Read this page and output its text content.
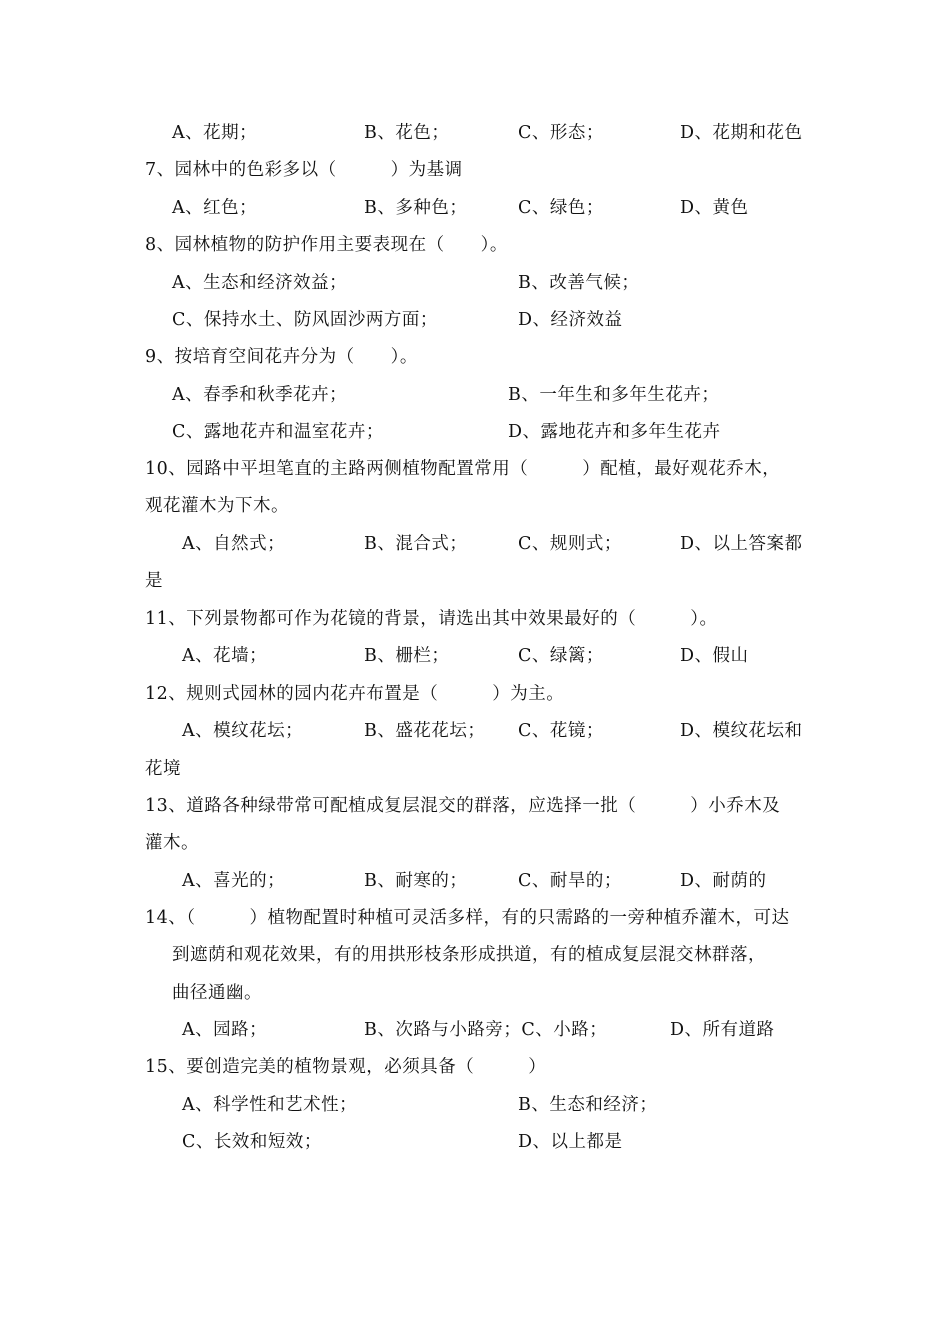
A、花期；	B、花色；	C、形态；	D、花期和花色
7、园林中的色彩多以（　　　）为基调
A、红色；	B、多种色；	C、绿色；	D、黄色
8、园林植物的防护作用主要表现在（　　）。
A、生态和经济效益；	B、改善气候；
C、保持水土、防风固沙两方面；	D、经济效益
9、按培育空间花卉分为（　　）。
A、春季和秋季花卉；	B、一年生和多年生花卉；
C、露地花卉和温室花卉；	D、露地花卉和多年生花卉
10、园路中平坦笔直的主路两侧植物配置常用（　　　）配植，最好观花乔木，
观花灌木为下木。
A、自然式；	B、混合式；	C、规则式；	D、以上答案都
是
11、下列景物都可作为花镜的背景，请选出其中效果最好的（　　　）。
A、花墙；	B、栅栏；	C、绿篱；	D、假山
12、规则式园林的园内花卉布置是（　　　）为主。
A、模纹花坛；	B、盛花花坛； C、花镜；	D、模纹花坛和
花境
13、道路各种绿带常可配植成复层混交的群落，应选择一批（　　　）小乔木及
灌木。
A、喜光的；	B、耐寒的；	C、耐旱的；	D、耐荫的
14、（　　　）植物配置时种植可灵活多样，有的只需路的一旁种植乔灌木，可达
到遮荫和观花效果，有的用拱形枝条形成拱道，有的植成复层混交林群落，
曲径通幽。
A、园路；	B、次路与小路旁；C、小路；	D、所有道路
15、要创造完美的植物景观，必须具备（　　　）
A、科学性和艺术性；	B、生态和经济；
C、长效和短效；	D、以上都是
